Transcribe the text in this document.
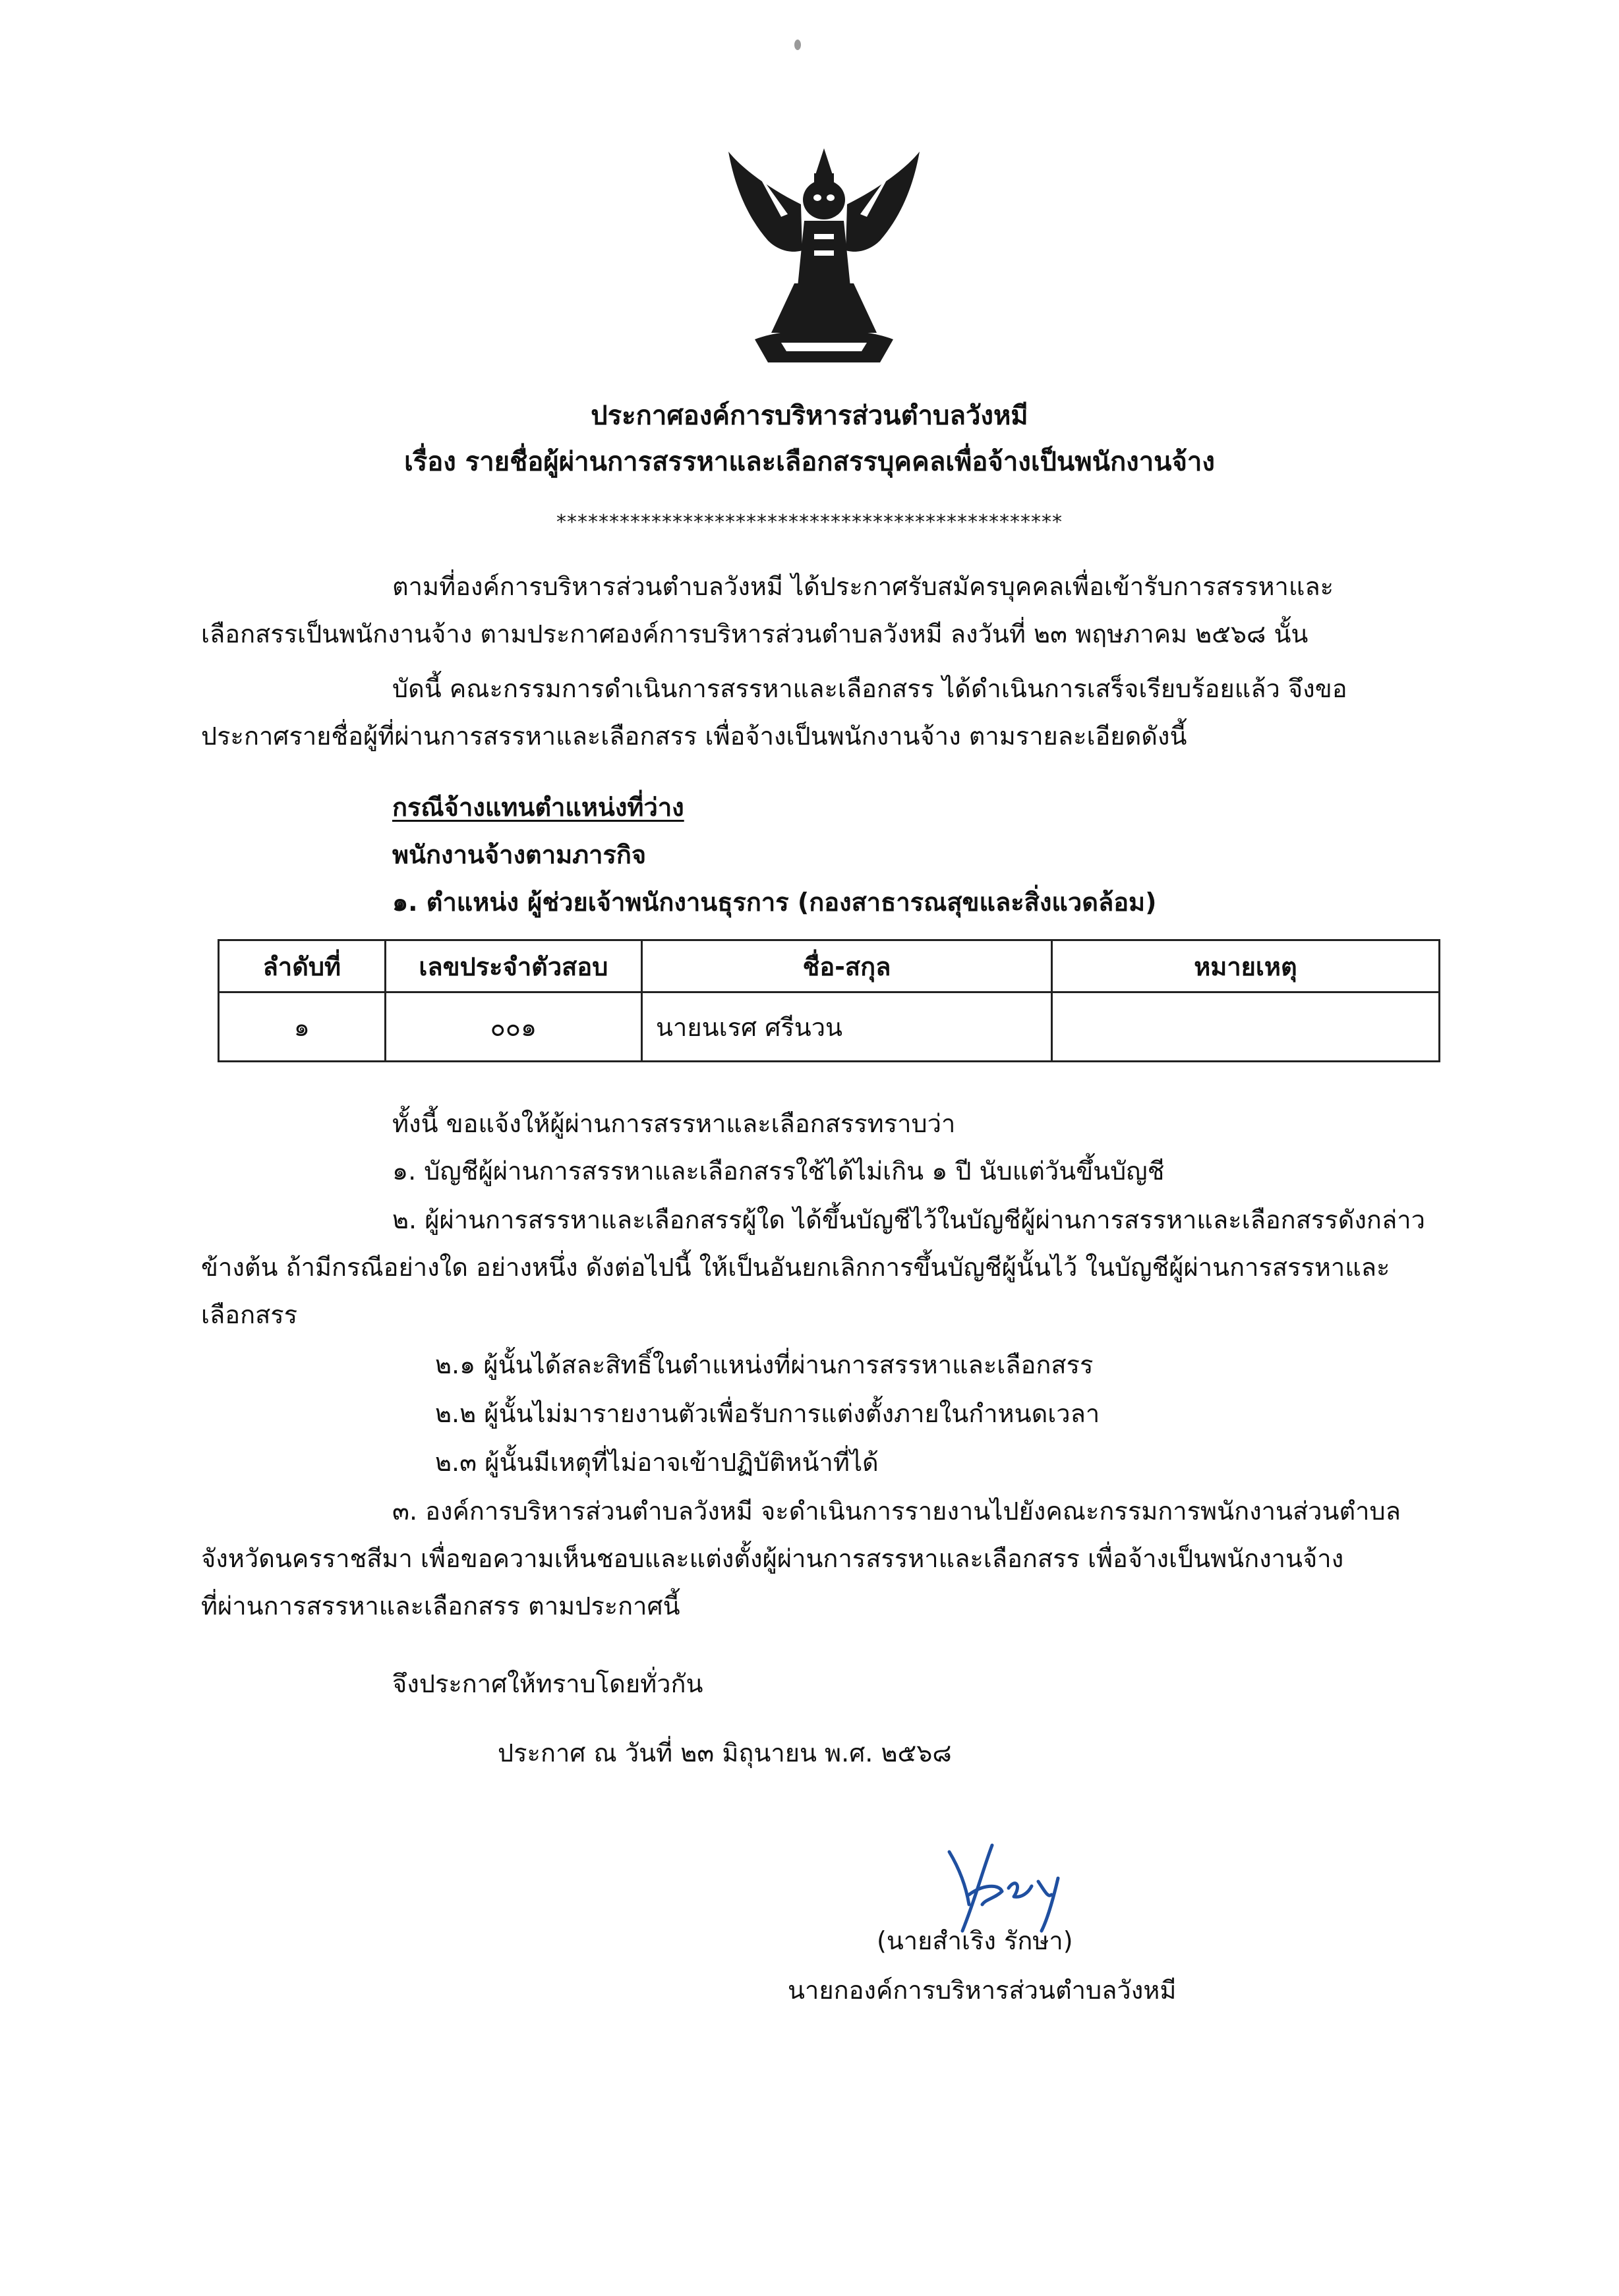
ประกาศองค์การบริหารส่วนตำบลวังหมี
เรื่อง รายชื่อผู้ผ่านการสรรหาและเลือกสรรบุคคลเพื่อจ้างเป็นพนักงานจ้าง
************************************************
ตามที่องค์การบริหารส่วนตำบลวังหมี ได้ประกาศรับสมัครบุคคลเพื่อเข้ารับการสรรหาและ
เลือกสรรเป็นพนักงานจ้าง ตามประกาศองค์การบริหารส่วนตำบลวังหมี ลงวันที่ ๒๓ พฤษภาคม ๒๕๖๘ นั้น
บัดนี้ คณะกรรมการดำเนินการสรรหาและเลือกสรร ได้ดำเนินการเสร็จเรียบร้อยแล้ว จึงขอ
ประกาศรายชื่อผู้ที่ผ่านการสรรหาและเลือกสรร เพื่อจ้างเป็นพนักงานจ้าง ตามรายละเอียดดังนี้
กรณีจ้างแทนตำแหน่งที่ว่าง
พนักงานจ้างตามภารกิจ
๑. ตำแหน่ง ผู้ช่วยเจ้าพนักงานธุรการ (กองสาธารณสุขและสิ่งแวดล้อม)
ลำดับที่	เลขประจำตัวสอบ	ชื่อ-สกุล	หมายเหตุ
๑	๐๐๑	นายนเรศ ศรีนวน	
ทั้งนี้ ขอแจ้งให้ผู้ผ่านการสรรหาและเลือกสรรทราบว่า
๑. บัญชีผู้ผ่านการสรรหาและเลือกสรรใช้ได้ไม่เกิน ๑ ปี นับแต่วันขึ้นบัญชี
๒. ผู้ผ่านการสรรหาและเลือกสรรผู้ใด ได้ขึ้นบัญชีไว้ในบัญชีผู้ผ่านการสรรหาและเลือกสรรดังกล่าว
ข้างต้น ถ้ามีกรณีอย่างใด อย่างหนึ่ง ดังต่อไปนี้ ให้เป็นอันยกเลิกการขึ้นบัญชีผู้นั้นไว้ ในบัญชีผู้ผ่านการสรรหาและ
เลือกสรร
๒.๑ ผู้นั้นได้สละสิทธิ์ในตำแหน่งที่ผ่านการสรรหาและเลือกสรร
๒.๒ ผู้นั้นไม่มารายงานตัวเพื่อรับการแต่งตั้งภายในกำหนดเวลา
๒.๓ ผู้นั้นมีเหตุที่ไม่อาจเข้าปฏิบัติหน้าที่ได้
๓. องค์การบริหารส่วนตำบลวังหมี จะดำเนินการรายงานไปยังคณะกรรมการพนักงานส่วนตำบล
จังหวัดนครราชสีมา เพื่อขอความเห็นชอบและแต่งตั้งผู้ผ่านการสรรหาและเลือกสรร เพื่อจ้างเป็นพนักงานจ้าง
ที่ผ่านการสรรหาและเลือกสรร ตามประกาศนี้
จึงประกาศให้ทราบโดยทั่วกัน
ประกาศ ณ วันที่ ๒๓ มิถุนายน พ.ศ. ๒๕๖๘
(นายสำเริง รักษา)
นายกองค์การบริหารส่วนตำบลวังหมี
